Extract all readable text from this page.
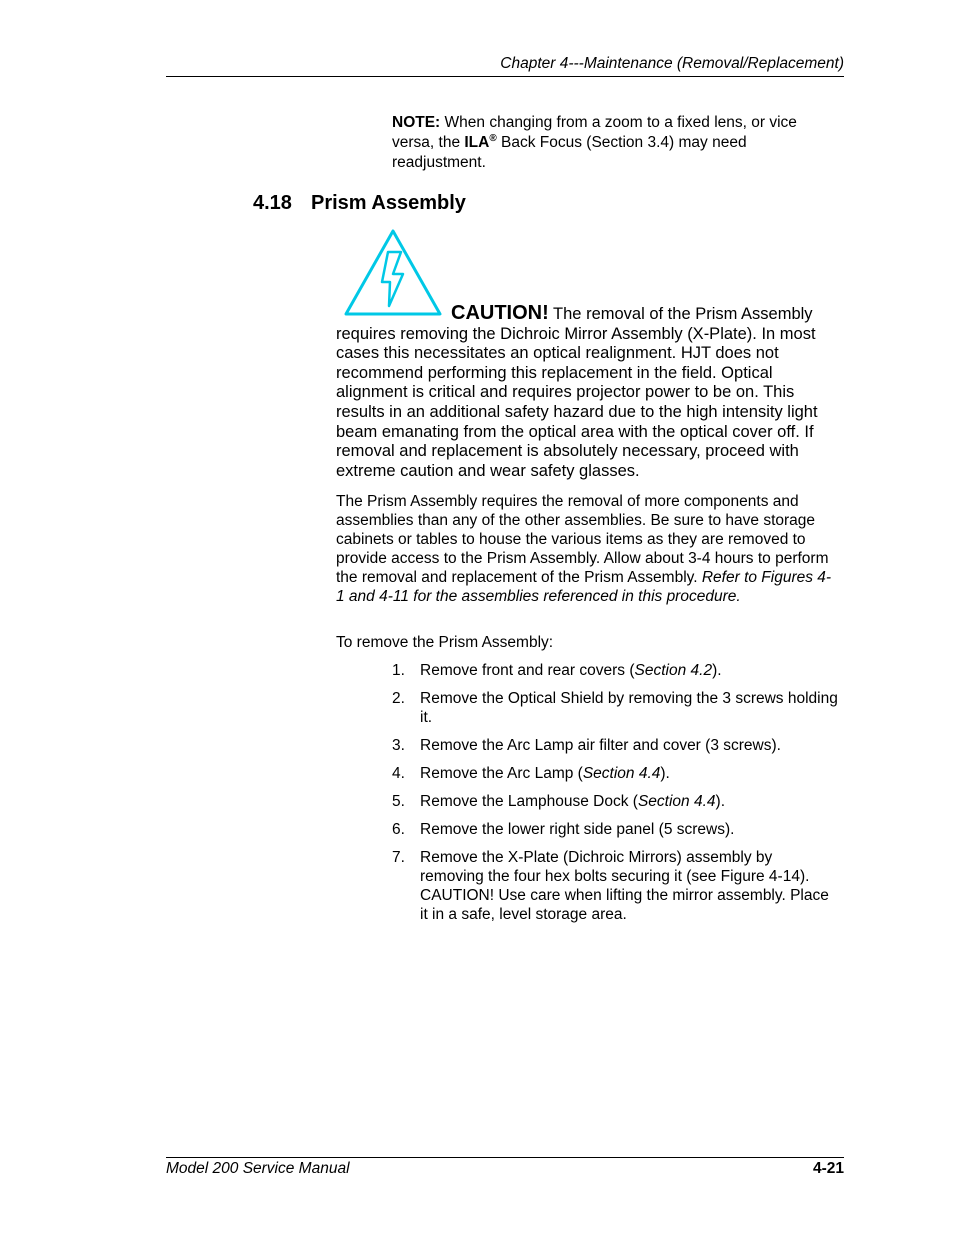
Chapter 4---Maintenance (Removal/Replacement)
NOTE: When changing from a zoom to a fixed lens, or vice versa, the ILA® Back Focus (Section 3.4) may need readjustment.
4.18 Prism Assembly
CAUTION! The removal of the Prism Assembly requires removing the Dichroic Mirror Assembly (X-Plate). In most cases this necessitates an optical realignment. HJT does not recommend performing this replacement in the field. Optical alignment is critical and requires projector power to be on. This results in an additional safety hazard due to the high intensity light beam emanating from the optical area with the optical cover off. If removal and replacement is absolutely necessary, proceed with extreme caution and wear safety glasses.
The Prism Assembly requires the removal of more components and assemblies than any of the other assemblies. Be sure to have storage cabinets or tables to house the various items as they are removed to provide access to the Prism Assembly. Allow about 3-4 hours to perform the removal and replacement of the Prism Assembly. Refer to Figures 4-1 and 4-11 for the assemblies referenced in this procedure.
To remove the Prism Assembly:
1. Remove front and rear covers (Section 4.2).
2. Remove the Optical Shield by removing the 3 screws holding it.
3. Remove the Arc Lamp air filter and cover (3 screws).
4. Remove the Arc Lamp (Section 4.4).
5. Remove the Lamphouse Dock (Section 4.4).
6. Remove the lower right side panel (5 screws).
7. Remove the X-Plate (Dichroic Mirrors) assembly by removing the four hex bolts securing it (see Figure 4-14). CAUTION! Use care when lifting the mirror assembly. Place it in a safe, level storage area.
Model 200 Service Manual	4-21
